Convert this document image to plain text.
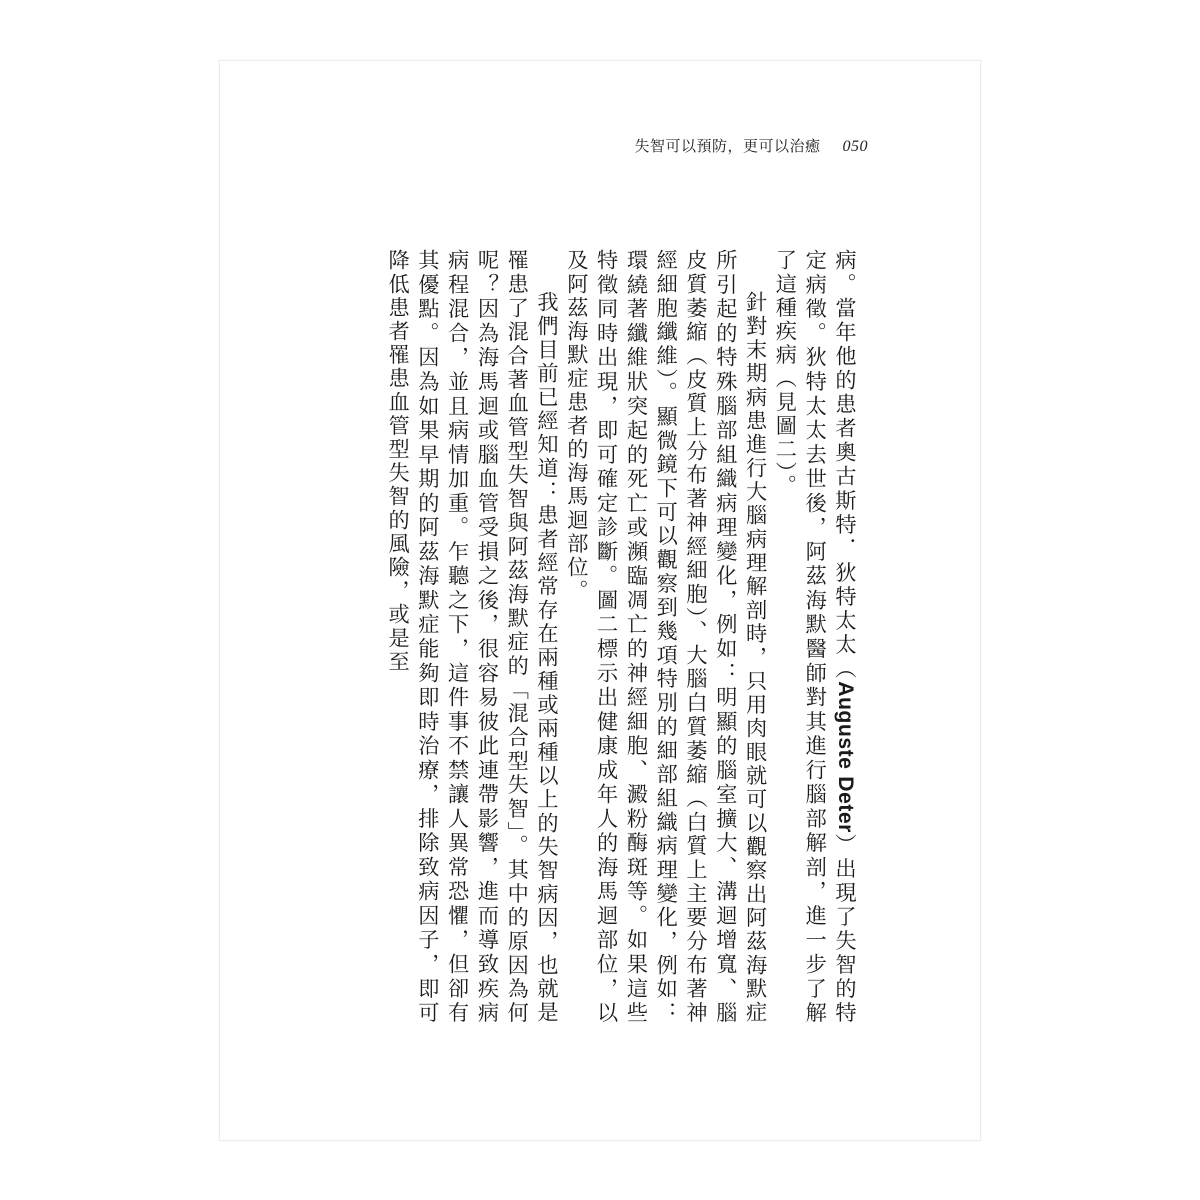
失智可以預防，更可以治癒 050

病。當年他的患者奧古斯特．狄特太太（Auguste Deter）出現了失智的特定病徵。狄特太太去世後，阿茲海默醫師對其進行腦部解剖，進一步了解了這種疾病（見圖二）。

針對末期病患進行大腦病理解剖時，只用肉眼就可以觀察出阿茲海默症所引起的特殊腦部組織病理變化，例如：明顯的腦室擴大、溝迴增寬、腦皮質萎縮（皮質上分布著神經細胞）、大腦白質萎縮（白質上主要分布著神經細胞纖維）。顯微鏡下可以觀察到幾項特別的細部組織病理變化，例如：環繞著纖維狀突起的死亡或瀕臨凋亡的神經細胞、澱粉酶斑等。如果這些特徵同時出現，即可確定診斷。圖二標示出健康成年人的海馬迴部位，以及阿茲海默症患者的海馬迴部位。

我們目前已經知道：患者經常存在兩種或兩種以上的失智病因，也就是罹患了混合著血管型失智與阿茲海默症的「混合型失智」。其中的原因為何呢？因為海馬迴或腦血管受損之後，很容易彼此連帶影響，進而導致疾病病程混合，並且病情加重。乍聽之下，這件事不禁讓人異常恐懼，但卻有其優點。因為如果早期的阿茲海默症能夠即時治療，排除致病因子，即可降低患者罹患血管型失智的風險，或是至
